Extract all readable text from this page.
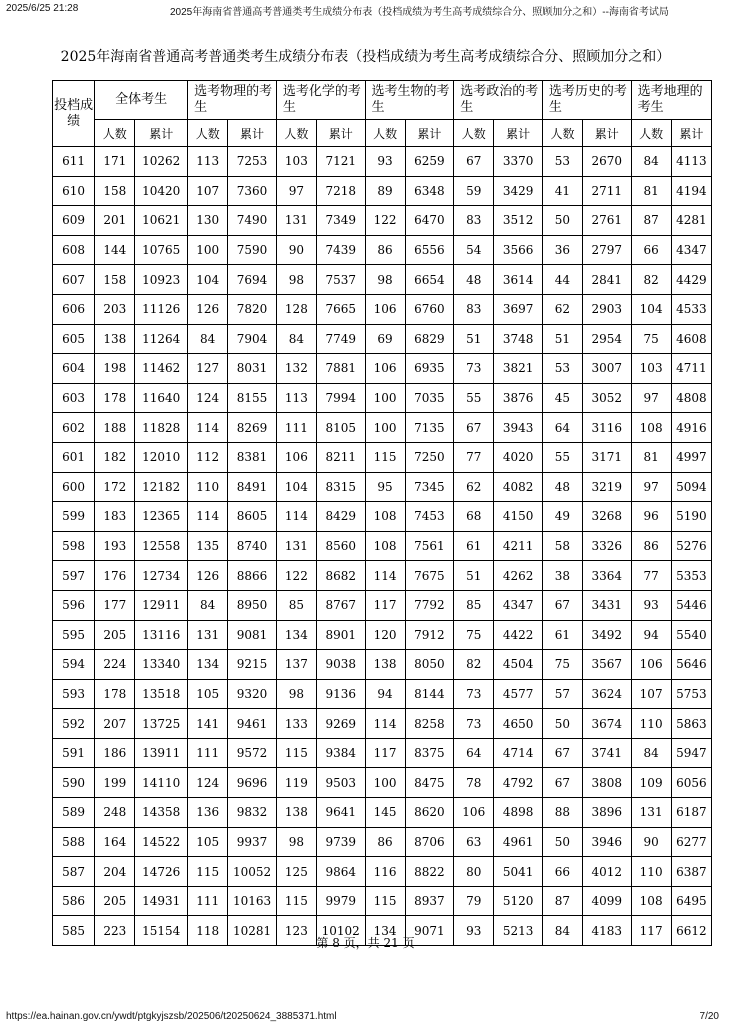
2025/6/25 21:28	2025年海南省普通高考普通类考生成绩分布表（投档成绩为考生高考成绩综合分、照顾加分之和）--海南省考试局
2025年海南省普通高考普通类考生成绩分布表（投档成绩为考生高考成绩综合分、照顾加分之和）
投档成绩	全体考生		选考物理的考生		选考化学的考生		选考生物的考生		选考政治的考生		选考历史的考生		选考地理的考生	
	人数	累计	人数	累计	人数	累计	人数	累计	人数	累计	人数	累计	人数	累计
611	171	10262	113	7253	103	7121	93	6259	67	3370	53	2670	84	4113
610	158	10420	107	7360	97	7218	89	6348	59	3429	41	2711	81	4194
609	201	10621	130	7490	131	7349	122	6470	83	3512	50	2761	87	4281
608	144	10765	100	7590	90	7439	86	6556	54	3566	36	2797	66	4347
607	158	10923	104	7694	98	7537	98	6654	48	3614	44	2841	82	4429
606	203	11126	126	7820	128	7665	106	6760	83	3697	62	2903	104	4533
605	138	11264	84	7904	84	7749	69	6829	51	3748	51	2954	75	4608
604	198	11462	127	8031	132	7881	106	6935	73	3821	53	3007	103	4711
603	178	11640	124	8155	113	7994	100	7035	55	3876	45	3052	97	4808
602	188	11828	114	8269	111	8105	100	7135	67	3943	64	3116	108	4916
601	182	12010	112	8381	106	8211	115	7250	77	4020	55	3171	81	4997
600	172	12182	110	8491	104	8315	95	7345	62	4082	48	3219	97	5094
599	183	12365	114	8605	114	8429	108	7453	68	4150	49	3268	96	5190
598	193	12558	135	8740	131	8560	108	7561	61	4211	58	3326	86	5276
597	176	12734	126	8866	122	8682	114	7675	51	4262	38	3364	77	5353
596	177	12911	84	8950	85	8767	117	7792	85	4347	67	3431	93	5446
595	205	13116	131	9081	134	8901	120	7912	75	4422	61	3492	94	5540
594	224	13340	134	9215	137	9038	138	8050	82	4504	75	3567	106	5646
593	178	13518	105	9320	98	9136	94	8144	73	4577	57	3624	107	5753
592	207	13725	141	9461	133	9269	114	8258	73	4650	50	3674	110	5863
591	186	13911	111	9572	115	9384	117	8375	64	4714	67	3741	84	5947
590	199	14110	124	9696	119	9503	100	8475	78	4792	67	3808	109	6056
589	248	14358	136	9832	138	9641	145	8620	106	4898	88	3896	131	6187
588	164	14522	105	9937	98	9739	86	8706	63	4961	50	3946	90	6277
587	204	14726	115	10052	125	9864	116	8822	80	5041	66	4012	110	6387
586	205	14931	111	10163	115	9979	115	8937	79	5120	87	4099	108	6495
585	223	15154	118	10281	123	10102	134	9071	93	5213	84	4183	117	6612
第 8 页，共 21 页
https://ea.hainan.gov.cn/ywdt/ptgkyjszsb/202506/t20250624_3885371.html	7/20
